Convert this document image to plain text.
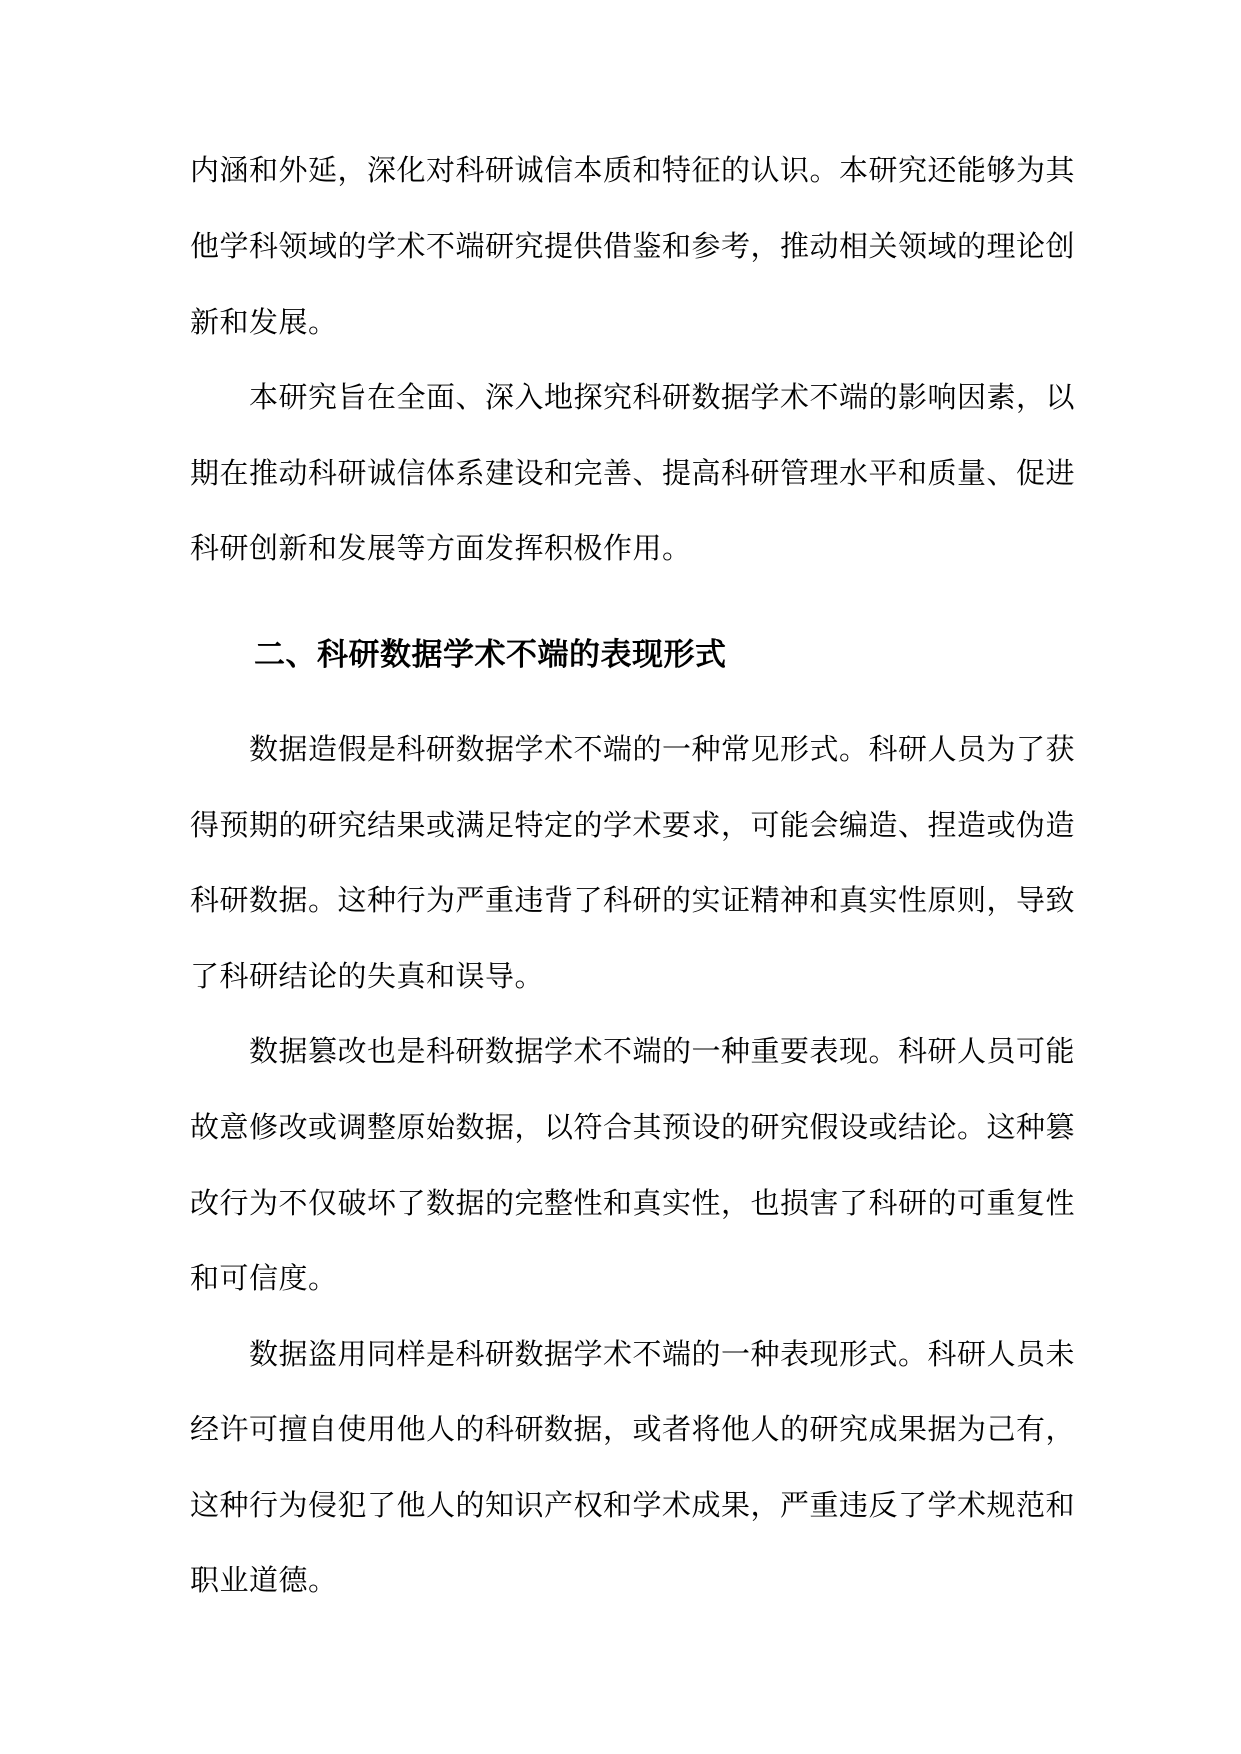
内涵和外延，深化对科研诚信本质和特征的认识。本研究还能够为其
他学科领域的学术不端研究提供借鉴和参考，推动相关领域的理论创
新和发展。
本研究旨在全面、深入地探究科研数据学术不端的影响因素，以
期在推动科研诚信体系建设和完善、提高科研管理水平和质量、促进
科研创新和发展等方面发挥积极作用。
二、科研数据学术不端的表现形式
数据造假是科研数据学术不端的一种常见形式。科研人员为了获
得预期的研究结果或满足特定的学术要求，可能会编造、捏造或伪造
科研数据。这种行为严重违背了科研的实证精神和真实性原则，导致
了科研结论的失真和误导。
数据篡改也是科研数据学术不端的一种重要表现。科研人员可能
故意修改或调整原始数据，以符合其预设的研究假设或结论。这种篡
改行为不仅破坏了数据的完整性和真实性，也损害了科研的可重复性
和可信度。
数据盗用同样是科研数据学术不端的一种表现形式。科研人员未
经许可擅自使用他人的科研数据，或者将他人的研究成果据为己有，
这种行为侵犯了他人的知识产权和学术成果，严重违反了学术规范和
职业道德。
